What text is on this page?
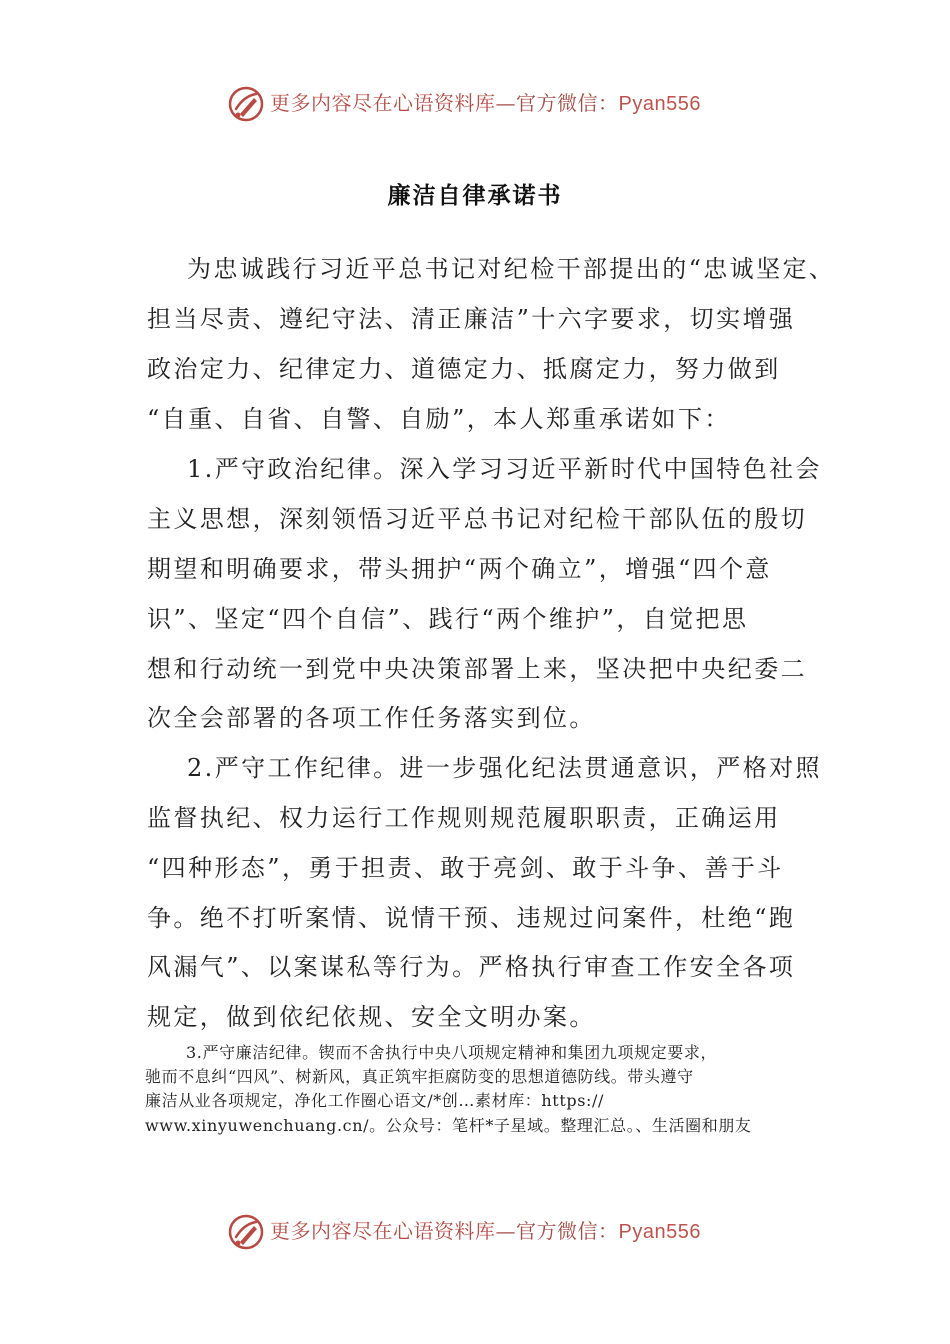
更多内容尽在心语资料库—官方微信：Pyan556
廉洁自律承诺书
为忠诚践行习近平总书记对纪检干部提出的“忠诚坚定、
担当尽责、遵纪守法、清正廉洁”十六字要求，切实增强
政治定力、纪律定力、道德定力、抵腐定力，努力做到
“自重、自省、自警、自励”，本人郑重承诺如下：
1.严守政治纪律。深入学习习近平新时代中国特色社会
主义思想，深刻领悟习近平总书记对纪检干部队伍的殷切
期望和明确要求，带头拥护“两个确立”，增强“四个意
识”、坚定“四个自信”、践行“两个维护”，自觉把思
想和行动统一到党中央决策部署上来，坚决把中央纪委二
次全会部署的各项工作任务落实到位。
2.严守工作纪律。进一步强化纪法贯通意识，严格对照
监督执纪、权力运行工作规则规范履职职责，正确运用
“四种形态”，勇于担责、敢于亮剑、敢于斗争、善于斗
争。绝不打听案情、说情干预、违规过问案件，杜绝“跑
风漏气”、以案谋私等行为。严格执行审查工作安全各项
规定，做到依纪依规、安全文明办案。
3.严守廉洁纪律。锲而不舍执行中央八项规定精神和集团九项规定要求，
驰而不息纠“四风”、树新风，真正筑牢拒腐防变的思想道德防线。带头遵守
廉洁从业各项规定，净化工作圈心语文/*创…素材库：https://
www.xinyuwenchuang.cn/。公众号：笔杆*子星域。整理汇总。、生活圈和朋友
更多内容尽在心语资料库—官方微信：Pyan556
